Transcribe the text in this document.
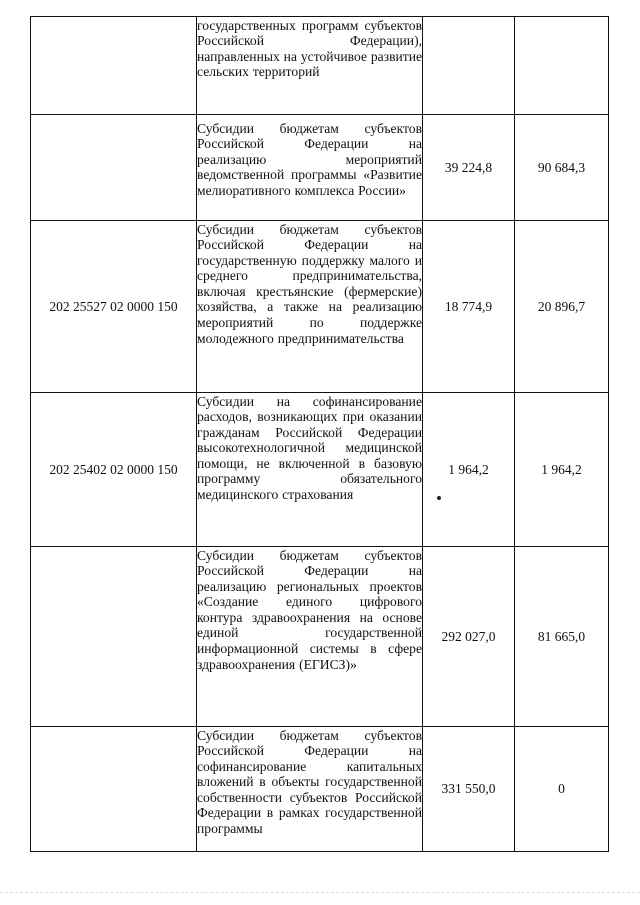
	государственных программ субъектов Российской Федерации), направленных на устойчивое развитие сельских территорий		

	Субсидии бюджетам субъектов Российской Федерации на реализацию мероприятий ведомственной программы «Развитие мелиоративного комплекса России»	39 224,8	90 684,3
202 25527 02 0000 150	Субсидии бюджетам субъектов Российской Федерации на государственную поддержку малого и среднего предпринимательства, включая крестьянские (фермерские) хозяйства, а также на реализацию мероприятий по поддержке молодежного предпринимательства	18 774,9	20 896,7
202 25402 02 0000 150	Субсидии на софинансирование расходов, возникающих при оказании гражданам Российской Федерации высокотехнологичной медицинской помощи, не включенной в базовую программу обязательного медицинского страхования	1 964,2	1 964,2

	Субсидии бюджетам субъектов Российской Федерации на реализацию региональных проектов «Создание единого цифрового контура здравоохранения на основе единой государственной информационной системы в сфере здравоохранения (ЕГИСЗ)»	292 027,0	81 665,0

	Субсидии бюджетам субъектов Российской Федерации на софинансирование капитальных вложений в объекты государственной собственности субъектов Российской Федерации в рамках государственной программы	331 550,0	0
